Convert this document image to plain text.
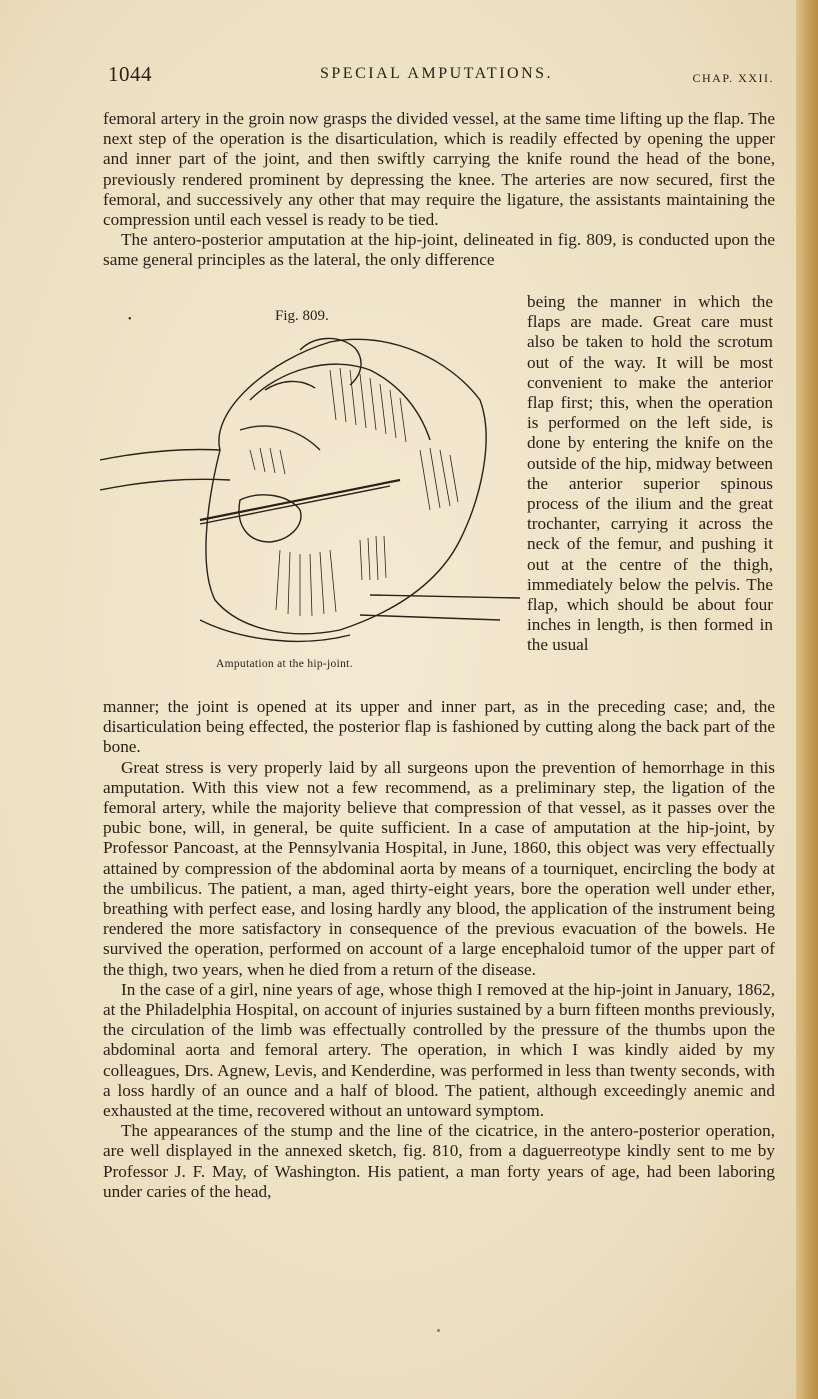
1044	SPECIAL AMPUTATIONS.	CHAP. XXII.

femoral artery in the groin now grasps the divided vessel, at the same time lifting up the flap. The next step of the operation is the disarticulation, which is readily effected by opening the upper and inner part of the joint, and then swiftly carrying the knife round the head of the bone, previously rendered prominent by depressing the knee. The arteries are now secured, first the femoral, and successively any other that may require the ligature, the assistants maintaining the compression until each vessel is ready to be tied.

The antero-posterior amputation at the hip-joint, delineated in fig. 809, is conducted upon the same general principles as the lateral, the only difference

•	Fig. 809.
Amputation at the hip-joint.

being the manner in which the flaps are made. Great care must also be taken to hold the scrotum out of the way. It will be most convenient to make the anterior flap first; this, when the operation is performed on the left side, is done by entering the knife on the outside of the hip, midway between the anterior superior spinous process of the ilium and the great trochanter, carrying it across the neck of the femur, and pushing it out at the centre of the thigh, immediately below the pelvis. The flap, which should be about four inches in length, is then formed in the usual

manner; the joint is opened at its upper and inner part, as in the preceding case; and, the disarticulation being effected, the posterior flap is fashioned by cutting along the back part of the bone.

Great stress is very properly laid by all surgeons upon the prevention of hemorrhage in this amputation. With this view not a few recommend, as a preliminary step, the ligation of the femoral artery, while the majority believe that compression of that vessel, as it passes over the pubic bone, will, in general, be quite sufficient. In a case of amputation at the hip-joint, by Professor Pancoast, at the Pennsylvania Hospital, in June, 1860, this object was very effectually attained by compression of the abdominal aorta by means of a tourniquet, encircling the body at the umbilicus. The patient, a man, aged thirty-eight years, bore the operation well under ether, breathing with perfect ease, and losing hardly any blood, the application of the instrument being rendered the more satisfactory in consequence of the previous evacuation of the bowels. He survived the operation, performed on account of a large encephaloid tumor of the upper part of the thigh, two years, when he died from a return of the disease.

In the case of a girl, nine years of age, whose thigh I removed at the hip-joint in January, 1862, at the Philadelphia Hospital, on account of injuries sustained by a burn fifteen months previously, the circulation of the limb was effectually controlled by the pressure of the thumbs upon the abdominal aorta and femoral artery. The operation, in which I was kindly aided by my colleagues, Drs. Agnew, Levis, and Kenderdine, was performed in less than twenty seconds, with a loss hardly of an ounce and a half of blood. The patient, although exceedingly anemic and exhausted at the time, recovered without an untoward symptom.

The appearances of the stump and the line of the cicatrice, in the antero-posterior operation, are well displayed in the annexed sketch, fig. 810, from a daguerreotype kindly sent to me by Professor J. F. May, of Washington. His patient, a man forty years of age, had been laboring under caries of the head,
